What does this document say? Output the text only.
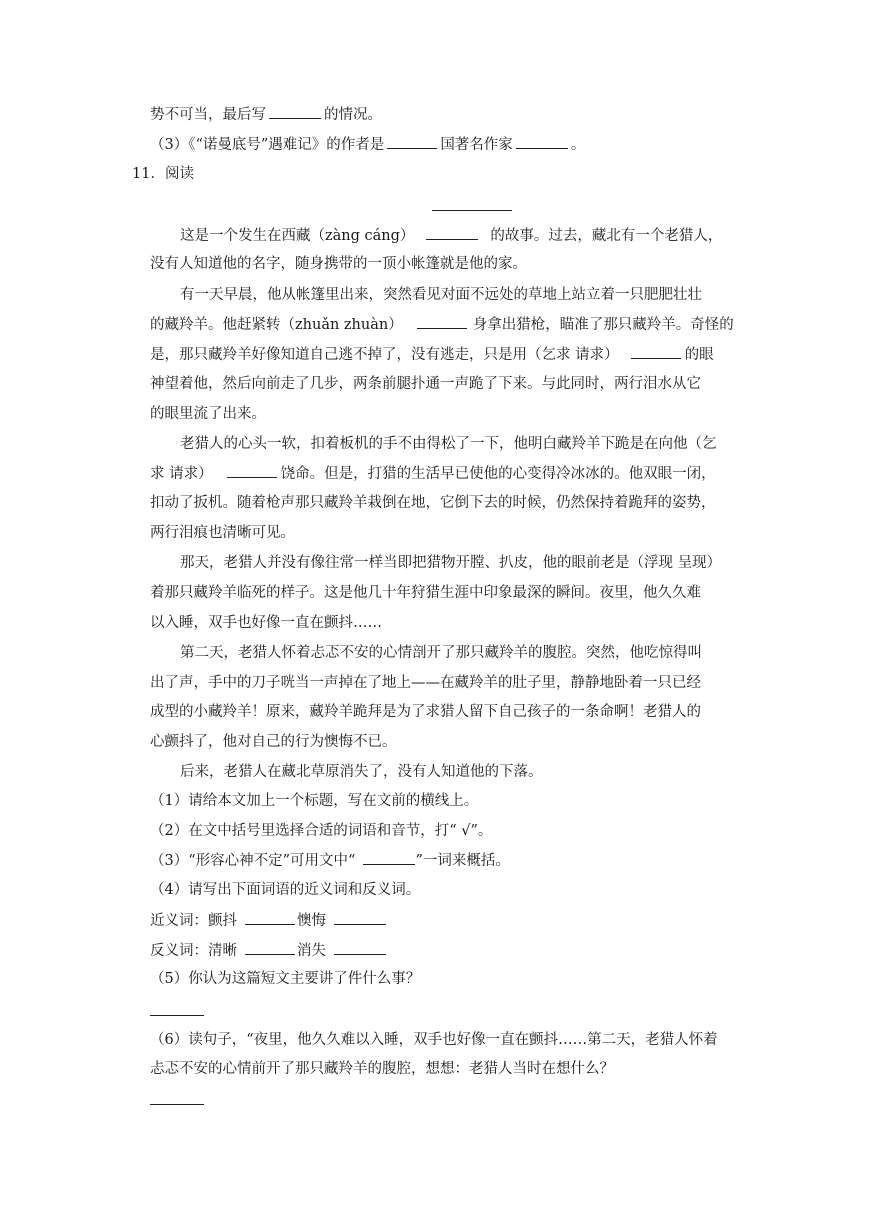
势不可当，最后写	的情况。
（3）《“诺曼底号”遇难记》的作者是	国著名作家	。
11．阅读
这是一个发生在西藏（zàng cáng）	的故事。过去，藏北有一个老猎人，
没有人知道他的名字，随身携带的一顶小帐篷就是他的家。
有一天早晨，他从帐篷里出来，突然看见对面不远处的草地上站立着一只肥肥壮壮
的藏羚羊。他赶紧转（zhuǎn zhuàn）	身拿出猎枪，瞄准了那只藏羚羊。奇怪的
是，那只藏羚羊好像知道自己逃不掉了，没有逃走，只是用（乞求 请求）	的眼
神望着他，然后向前走了几步，两条前腿扑通一声跪了下来。与此同时，两行泪水从它
的眼里流了出来。
老猎人的心头一软，扣着板机的手不由得松了一下，他明白藏羚羊下跪是在向他（乞
求 请求）	饶命。但是，打猎的生活早已使他的心变得冷冰冰的。他双眼一闭，
扣动了扳机。随着枪声那只藏羚羊栽倒在地，它倒下去的时候，仍然保持着跪拜的姿势，
两行泪痕也清晰可见。
那天，老猎人并没有像往常一样当即把猎物开膛、扒皮，他的眼前老是（浮现 呈现）
着那只藏羚羊临死的样子。这是他几十年狩猎生涯中印象最深的瞬间。夜里，他久久难
以入睡，双手也好像一直在颤抖……
第二天，老猎人怀着忐忑不安的心情剖开了那只藏羚羊的腹腔。突然，他吃惊得叫
出了声，手中的刀子咣当一声掉在了地上——在藏羚羊的肚子里，静静地卧着一只已经
成型的小藏羚羊！原来，藏羚羊跪拜是为了求猎人留下自己孩子的一条命啊！老猎人的
心颤抖了，他对自己的行为懊悔不已。
后来，老猎人在藏北草原消失了，没有人知道他的下落。
（1）请给本文加上一个标题，写在文前的横线上。
（2）在文中括号里选择合适的词语和音节，打“ √”。
（3）“形容心神不定”可用文中“	”一词来概括。
（4）请写出下面词语的近义词和反义词。
近义词：颤抖	懊悔
反义词：清晰	消失
（5）你认为这篇短文主要讲了件什么事？
（6）读句子，“夜里，他久久难以入睡，双手也好像一直在颤抖……第二天，老猎人怀着
忐忑不安的心情前开了那只藏羚羊的腹腔，想想：老猎人当时在想什么？
